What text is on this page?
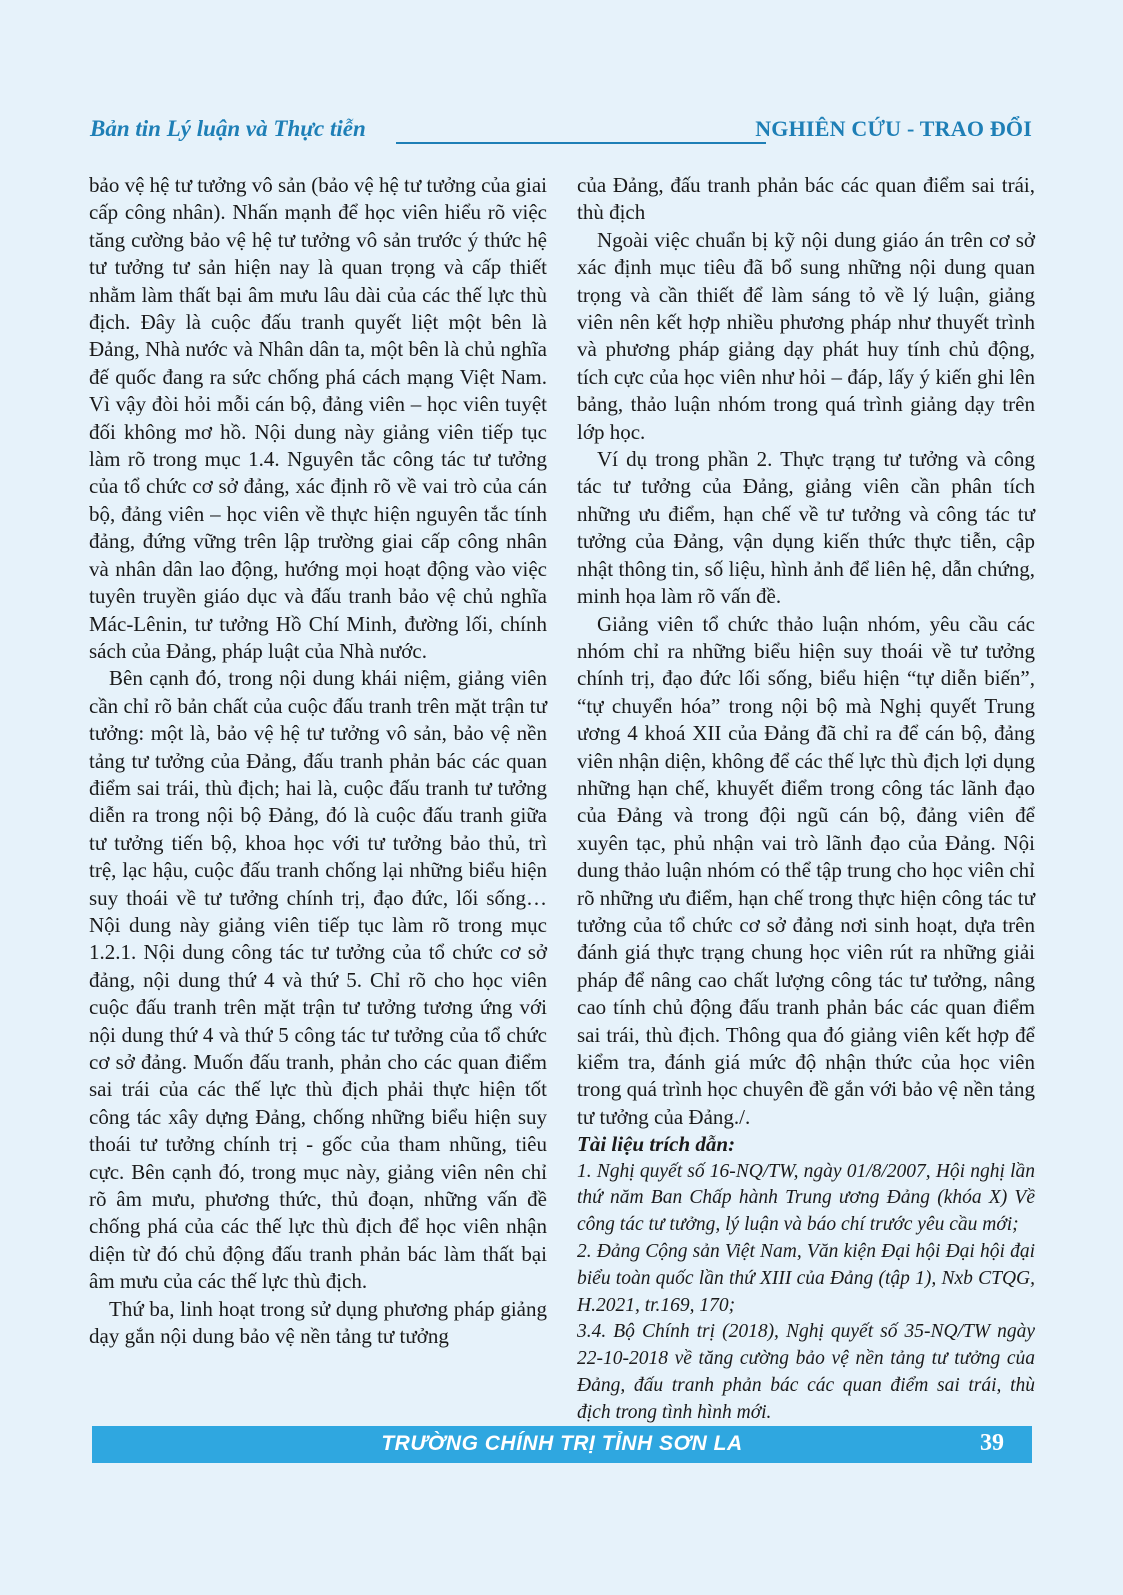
Bản tin Lý luận và Thực tiễn	NGHIÊN CỨU - TRAO ĐỔI

bảo vệ hệ tư tưởng vô sản (bảo vệ hệ tư tưởng của giai cấp công nhân). Nhấn mạnh để học viên hiểu rõ việc tăng cường bảo vệ hệ tư tưởng vô sản trước ý thức hệ tư tưởng tư sản hiện nay là quan trọng và cấp thiết nhằm làm thất bại âm mưu lâu dài của các thế lực thù địch. Đây là cuộc đấu tranh quyết liệt một bên là Đảng, Nhà nước và Nhân dân ta, một bên là chủ nghĩa đế quốc đang ra sức chống phá cách mạng Việt Nam. Vì vậy đòi hỏi mỗi cán bộ, đảng viên – học viên tuyệt đối không mơ hồ. Nội dung này giảng viên tiếp tục làm rõ trong mục 1.4. Nguyên tắc công tác tư tưởng của tổ chức cơ sở đảng, xác định rõ về vai trò của cán bộ, đảng viên – học viên về thực hiện nguyên tắc tính đảng, đứng vững trên lập trường giai cấp công nhân và nhân dân lao động, hướng mọi hoạt động vào việc tuyên truyền giáo dục và đấu tranh bảo vệ chủ nghĩa Mác-Lênin, tư tưởng Hồ Chí Minh, đường lối, chính sách của Đảng, pháp luật của Nhà nước.

Bên cạnh đó, trong nội dung khái niệm, giảng viên cần chỉ rõ bản chất của cuộc đấu tranh trên mặt trận tư tưởng: một là, bảo vệ hệ tư tưởng vô sản, bảo vệ nền tảng tư tưởng của Đảng, đấu tranh phản bác các quan điểm sai trái, thù địch; hai là, cuộc đấu tranh tư tưởng diễn ra trong nội bộ Đảng, đó là cuộc đấu tranh giữa tư tưởng tiến bộ, khoa học với tư tưởng bảo thủ, trì trệ, lạc hậu, cuộc đấu tranh chống lại những biểu hiện suy thoái về tư tưởng chính trị, đạo đức, lối sống… Nội dung này giảng viên tiếp tục làm rõ trong mục 1.2.1. Nội dung công tác tư tưởng của tổ chức cơ sở đảng, nội dung thứ 4 và thứ 5. Chỉ rõ cho học viên cuộc đấu tranh trên mặt trận tư tưởng tương ứng với nội dung thứ 4 và thứ 5 công tác tư tưởng của tổ chức cơ sở đảng. Muốn đấu tranh, phản cho các quan điểm sai trái của các thế lực thù địch phải thực hiện tốt công tác xây dựng Đảng, chống những biểu hiện suy thoái tư tưởng chính trị - gốc của tham nhũng, tiêu cực. Bên cạnh đó, trong mục này, giảng viên nên chỉ rõ âm mưu, phương thức, thủ đoạn, những vấn đề chống phá của các thế lực thù địch để học viên nhận diện từ đó chủ động đấu tranh phản bác làm thất bại âm mưu của các thế lực thù địch.

Thứ ba, linh hoạt trong sử dụng phương pháp giảng dạy gắn nội dung bảo vệ nền tảng tư tưởng

của Đảng, đấu tranh phản bác các quan điểm sai trái, thù địch

Ngoài việc chuẩn bị kỹ nội dung giáo án trên cơ sở xác định mục tiêu đã bổ sung những nội dung quan trọng và cần thiết để làm sáng tỏ về lý luận, giảng viên nên kết hợp nhiều phương pháp như thuyết trình và phương pháp giảng dạy phát huy tính chủ động, tích cực của học viên như hỏi – đáp, lấy ý kiến ghi lên bảng, thảo luận nhóm trong quá trình giảng dạy trên lớp học.

Ví dụ trong phần 2. Thực trạng tư tưởng và công tác tư tưởng của Đảng, giảng viên cần phân tích những ưu điểm, hạn chế về tư tưởng và công tác tư tưởng của Đảng, vận dụng kiến thức thực tiễn, cập nhật thông tin, số liệu, hình ảnh để liên hệ, dẫn chứng, minh họa làm rõ vấn đề.

Giảng viên tổ chức thảo luận nhóm, yêu cầu các nhóm chỉ ra những biểu hiện suy thoái về tư tưởng chính trị, đạo đức lối sống, biểu hiện “tự diễn biến”, “tự chuyển hóa” trong nội bộ mà Nghị quyết Trung ương 4 khoá XII của Đảng đã chỉ ra để cán bộ, đảng viên nhận diện, không để các thế lực thù địch lợi dụng những hạn chế, khuyết điểm trong công tác lãnh đạo của Đảng và trong đội ngũ cán bộ, đảng viên để xuyên tạc, phủ nhận vai trò lãnh đạo của Đảng. Nội dung thảo luận nhóm có thể tập trung cho học viên chỉ rõ những ưu điểm, hạn chế trong thực hiện công tác tư tưởng của tổ chức cơ sở đảng nơi sinh hoạt, dựa trên đánh giá thực trạng chung học viên rút ra những giải pháp để nâng cao chất lượng công tác tư tưởng, nâng cao tính chủ động đấu tranh phản bác các quan điểm sai trái, thù địch. Thông qua đó giảng viên kết hợp để kiểm tra, đánh giá mức độ nhận thức của học viên trong quá trình học chuyên đề gắn với bảo vệ nền tảng tư tưởng của Đảng./.

Tài liệu trích dẫn:

1. Nghị quyết số 16-NQ/TW, ngày 01/8/2007, Hội nghị lần thứ năm Ban Chấp hành Trung ương Đảng (khóa X) Về công tác tư tưởng, lý luận và báo chí trước yêu cầu mới;

2. Đảng Cộng sản Việt Nam, Văn kiện Đại hội Đại hội đại biểu toàn quốc lần thứ XIII của Đảng (tập 1), Nxb CTQG, H.2021, tr.169, 170;

3.4. Bộ Chính trị (2018), Nghị quyết số 35-NQ/TW ngày 22-10-2018 về tăng cường bảo vệ nền tảng tư tưởng của Đảng, đấu tranh phản bác các quan điểm sai trái, thù địch trong tình hình mới.

TRƯỜNG CHÍNH TRỊ TỈNH SƠN LA	39
